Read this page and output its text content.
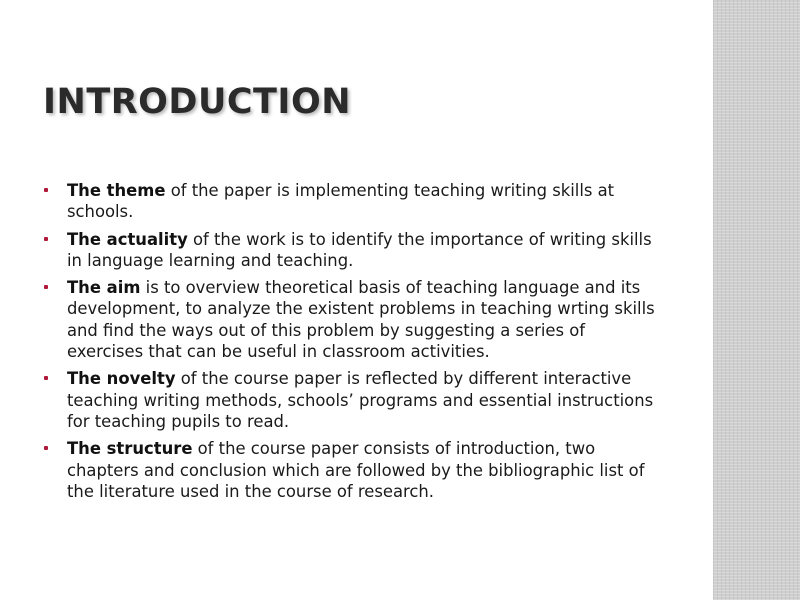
INTRODUCTION
The theme of the paper is implementing teaching writing skills at schools.
The actuality of the work is to identify the importance of writing skills in language learning and teaching.
The aim is to overview theoretical basis of teaching language and its development, to analyze the existent problems in teaching wrting skills and find the ways out of this problem by suggesting a series of exercises that can be useful in classroom activities.
The novelty of the course paper is reflected by different interactive teaching writing methods, schools’ programs and essential instructions for teaching pupils to read.
The structure of the course paper consists of introduction, two chapters and conclusion which are followed by the bibliographic list of the literature used in the course of research.
